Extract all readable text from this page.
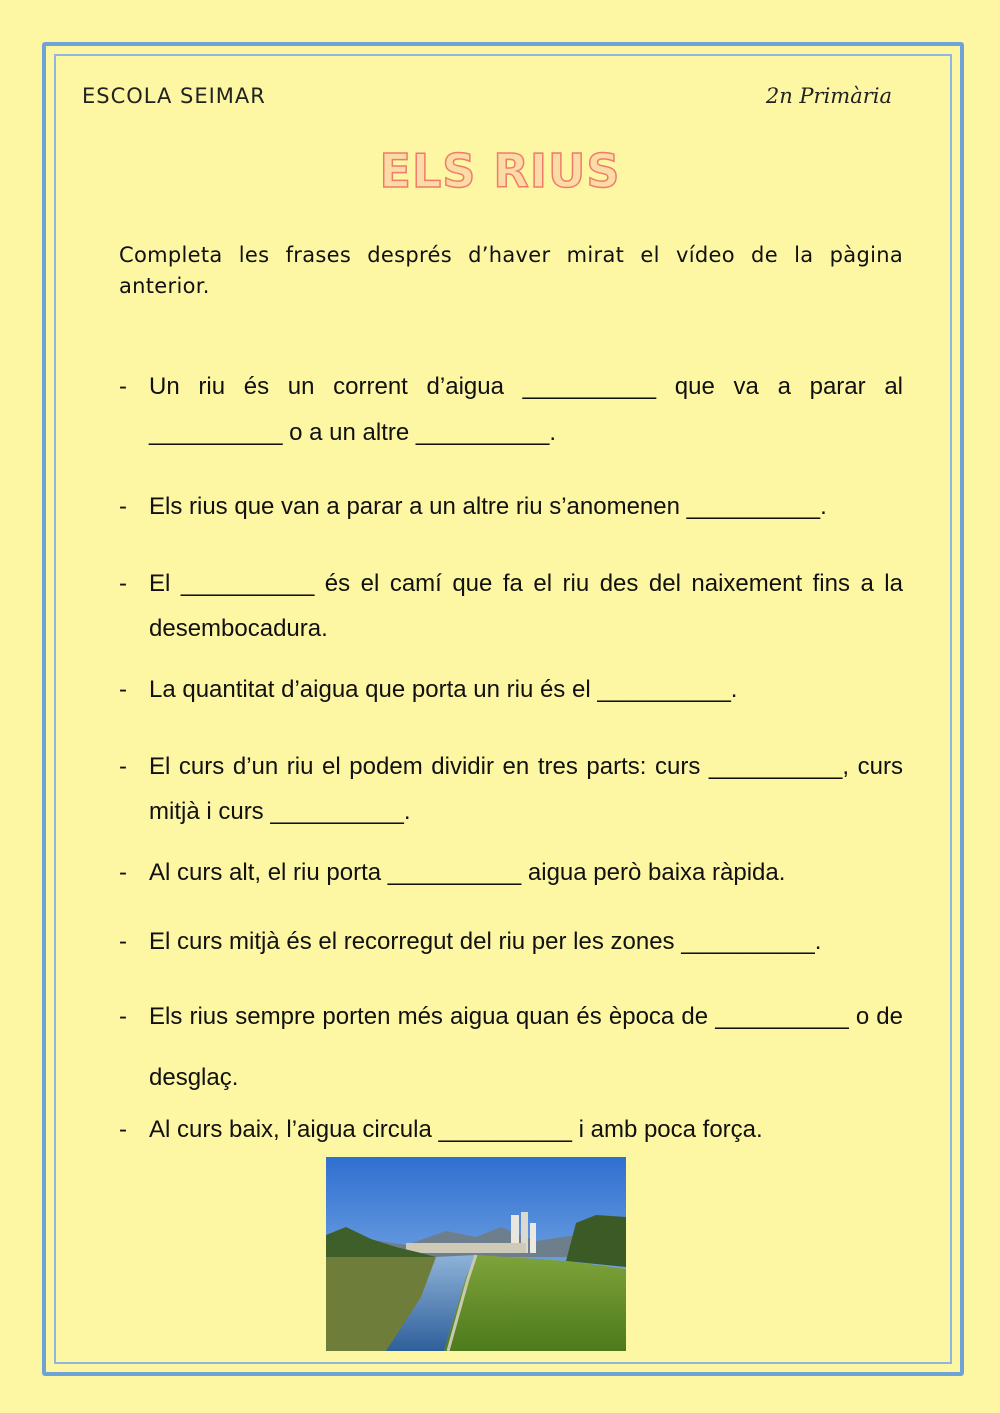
ESCOLA SEIMAR	2n Primària
ELS RIUS
Completa les frases després d’haver mirat el vídeo de la pàgina anterior.
- Un riu és un corrent d’aigua __________ que va a parar al __________ o a un altre __________.
- Els rius que van a parar a un altre riu s’anomenen __________.
- El __________ és el camí que fa el riu des del naixement fins a la desembocadura.
- La quantitat d’aigua que porta un riu és el __________.
- El curs d’un riu el podem dividir en tres parts: curs __________, curs mitjà i curs __________.
- Al curs alt, el riu porta __________ aigua però baixa ràpida.
- El curs mitjà és el recorregut del riu per les zones __________.
- Els rius sempre porten més aigua quan és època de __________ o de desglaç.
- Al curs baix, l’aigua circula __________ i amb poca força.
